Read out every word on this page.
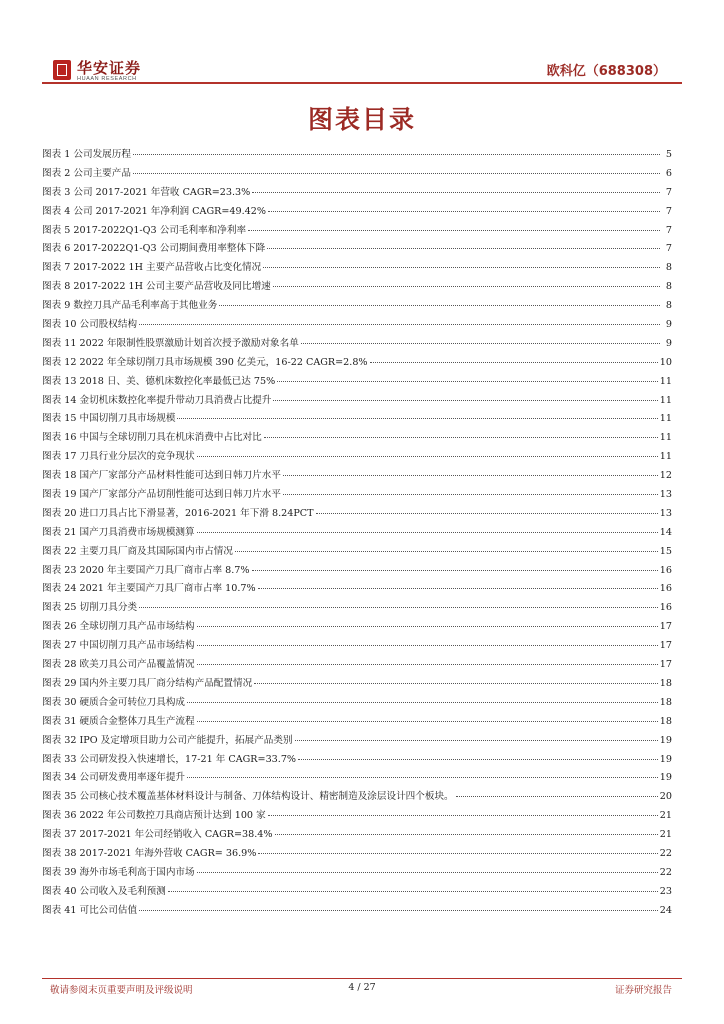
华安证券
HUAAN RESEARCH	欧科亿（688308）
图表目录
图表 1 公司发展历程	5
图表 2 公司主要产品	6
图表 3 公司 2017-2021 年营收 CAGR=23.3%	7
图表 4 公司 2017-2021 年净利润 CAGR=49.42%	7
图表 5 2017-2022Q1-Q3 公司毛利率和净利率	7
图表 6 2017-2022Q1-Q3 公司期间费用率整体下降	7
图表 7 2017-2022 1H 主要产品营收占比变化情况	8
图表 8 2017-2022 1H 公司主要产品营收及同比增速	8
图表 9 数控刀具产品毛利率高于其他业务	8
图表 10 公司股权结构	9
图表 11 2022 年限制性股票激励计划首次授予激励对象名单	9
图表 12 2022 年全球切削刀具市场规模 390 亿美元，16-22 CAGR=2.8%	10
图表 13 2018 日、美、德机床数控化率最低已达 75%	11
图表 14 金切机床数控化率提升带动刀具消费占比提升	11
图表 15 中国切削刀具市场规模	11
图表 16 中国与全球切削刀具在机床消费中占比对比	11
图表 17 刀具行业分层次的竞争现状	11
图表 18 国产厂家部分产品材料性能可达到日韩刀片水平	12
图表 19 国产厂家部分产品切削性能可达到日韩刀片水平	13
图表 20 进口刀具占比下滑显著，2016-2021 年下滑 8.24PCT	13
图表 21 国产刀具消费市场规模测算	14
图表 22 主要刀具厂商及其国际国内市占情况	15
图表 23 2020 年主要国产刀具厂商市占率 8.7%	16
图表 24 2021 年主要国产刀具厂商市占率 10.7%	16
图表 25 切削刀具分类	16
图表 26 全球切削刀具产品市场结构	17
图表 27 中国切削刀具产品市场结构	17
图表 28 欧美刀具公司产品覆盖情况	17
图表 29 国内外主要刀具厂商分结构产品配置情况	18
图表 30 硬质合金可转位刀具构成	18
图表 31 硬质合金整体刀具生产流程	18
图表 32 IPO 及定增项目助力公司产能提升，拓展产品类别	19
图表 33 公司研发投入快速增长，17-21 年 CAGR=33.7%	19
图表 34 公司研发费用率逐年提升	19
图表 35 公司核心技术覆盖基体材料设计与制备、刀体结构设计、精密制造及涂层设计四个板块。	20
图表 36 2022 年公司数控刀具商店预计达到 100 家	21
图表 37 2017-2021 年公司经销收入 CAGR=38.4%	21
图表 38 2017-2021 年海外营收 CAGR= 36.9%	22
图表 39 海外市场毛利高于国内市场	22
图表 40 公司收入及毛利预测	23
图表 41 可比公司估值	24
敬请参阅末页重要声明及评级说明	4 / 27	证券研究报告
